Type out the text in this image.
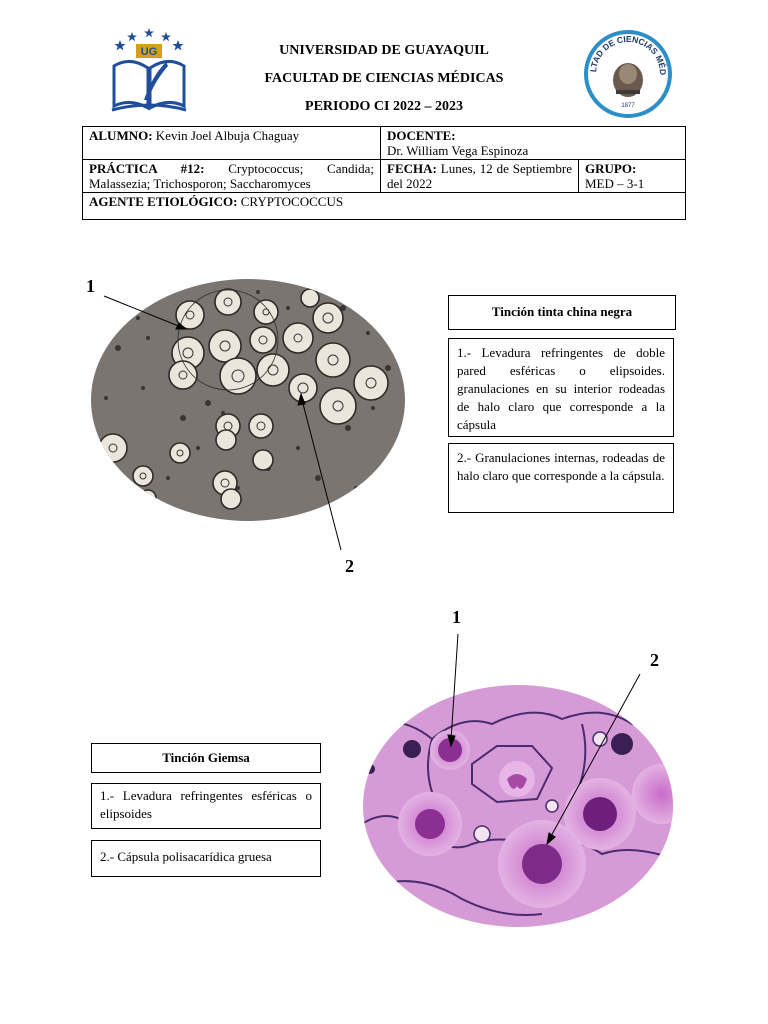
UG
LTAD DE CIENCIAS MÉD
1877
UNIVERSIDAD DE GUAYAQUIL
FACULTAD DE CIENCIAS MÉDICAS
PERIODO CI 2022 – 2023
ALUMNO: Kevin Joel Albuja Chaguay	DOCENTE:
Dr. William Vega Espinoza	
PRÁCTICA #12: Cryptococcus; Candida; Malassezia; Trichosporon; Saccharomyces	FECHA: Lunes, 12 de Septiembre del 2022	GRUPO:
MED – 3-1
AGENTE ETIOLÓGICO: CRYPTOCOCCUS		
1
2
Tinción tinta china negra
1.- Levadura refringentes de doble pared esféricas o elipsoides. granulaciones en su interior rodeadas de halo claro que corresponde a la cápsula
2.- Granulaciones internas, rodeadas de halo claro que corresponde a la cápsula.
1
2
Tinción Giemsa
1.- Levadura refringentes esféricas o elipsoides
2.- Cápsula polisacarídica gruesa
